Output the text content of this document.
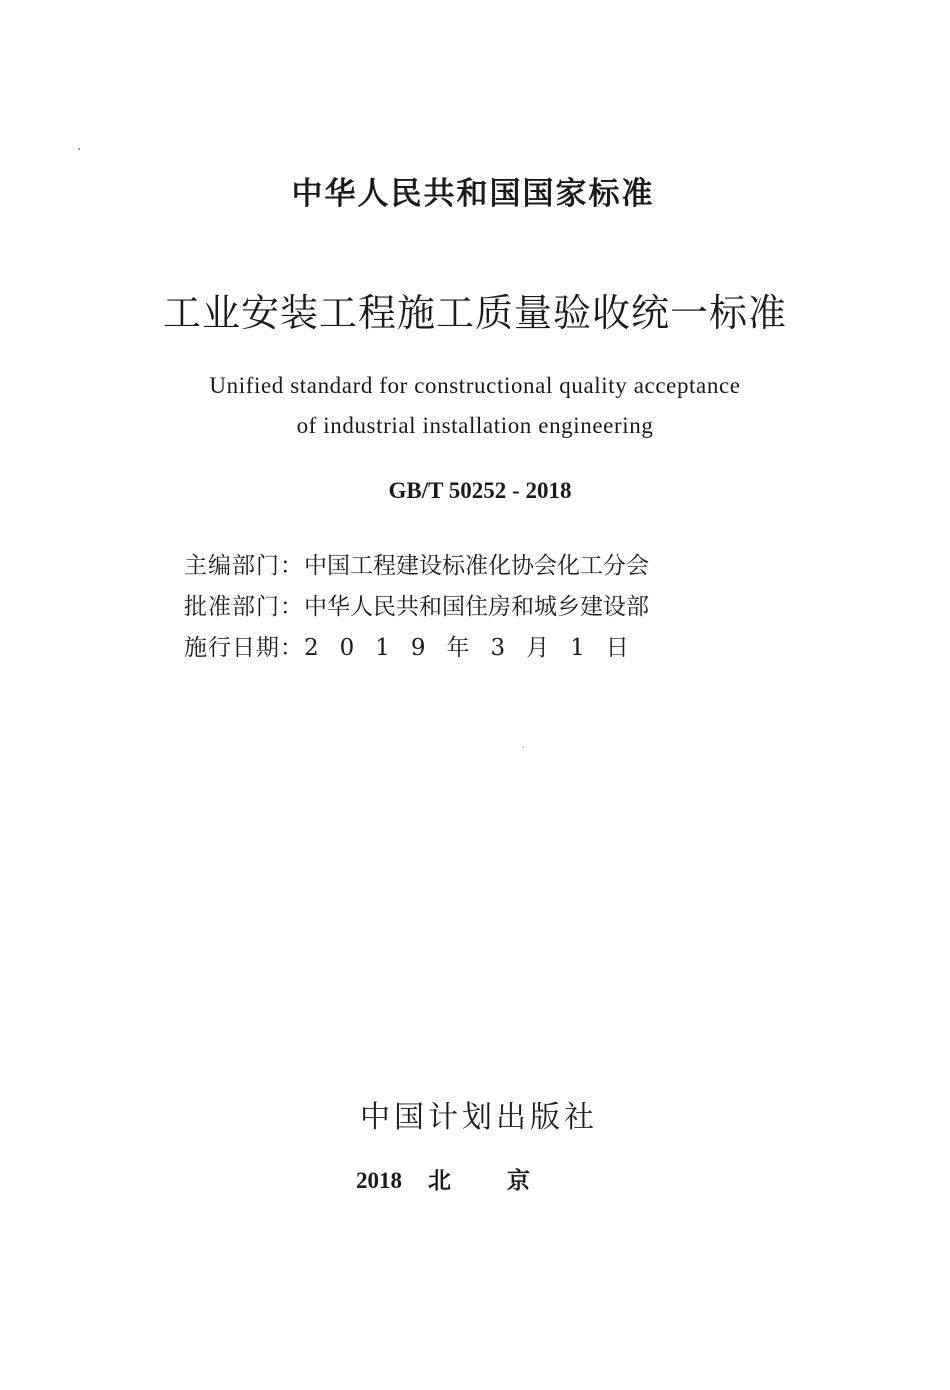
中华人民共和国国家标准
工业安装工程施工质量验收统一标准
Unified standard for constructional quality acceptance
of industrial installation engineering
GB/T 50252 - 2018
主编部门：中国工程建设标准化协会化工分会
批准部门：中华人民共和国住房和城乡建设部
施行日期：2019年3月1日
中国计划出版社
2018 北京
